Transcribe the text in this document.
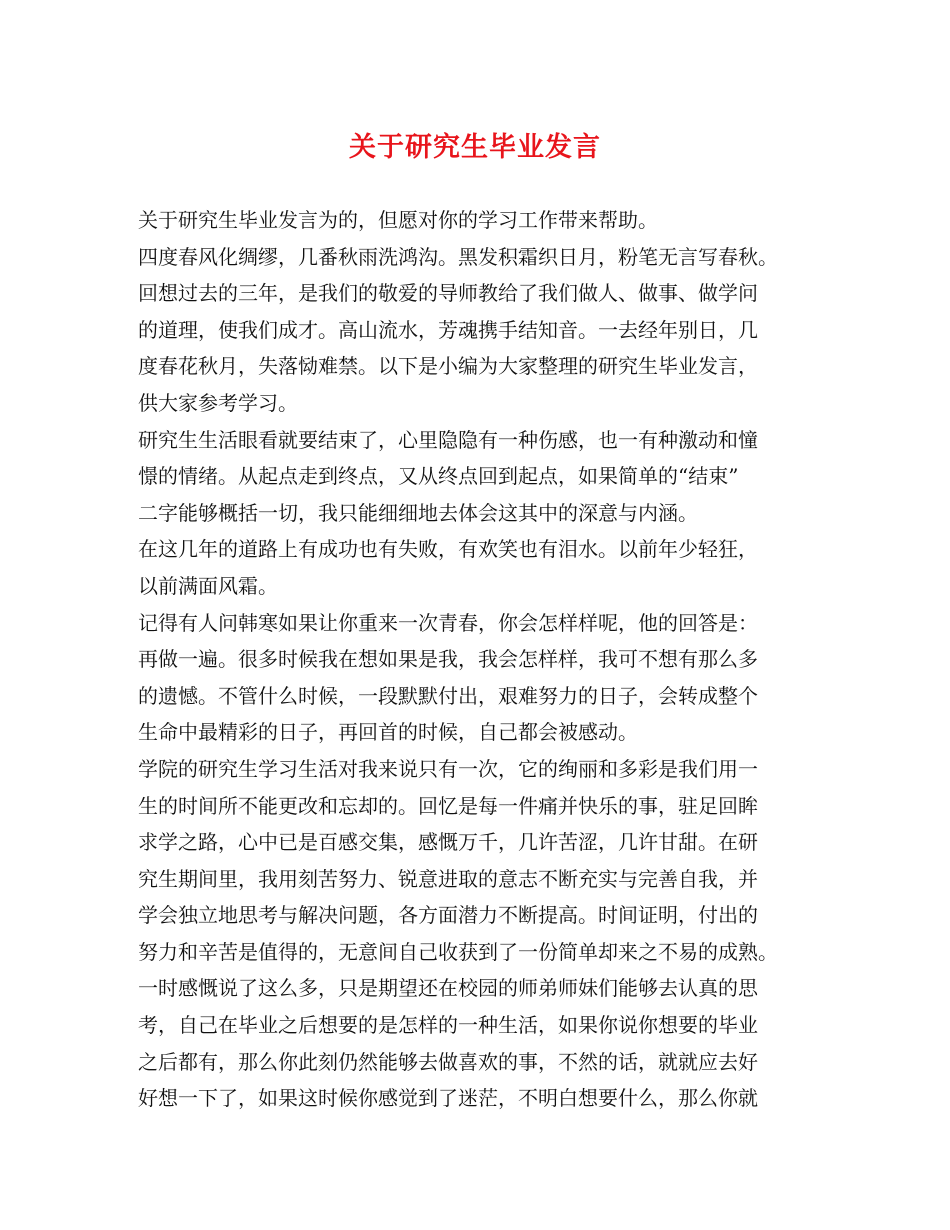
关于研究生毕业发言
关于研究生毕业发言为的，但愿对你的学习工作带来帮助。
四度春风化绸缪，几番秋雨洗鸿沟。黑发积霜织日月，粉笔无言写春秋。
回想过去的三年，是我们的敬爱的导师教给了我们做人、做事、做学问
的道理，使我们成才。高山流水，芳魂携手结知音。一去经年别日，几
度春花秋月，失落恸难禁。以下是小编为大家整理的研究生毕业发言，
供大家参考学习。
研究生生活眼看就要结束了，心里隐隐有一种伤感，也一有种激动和憧
憬的情绪。从起点走到终点，又从终点回到起点，如果简单的“结束”
二字能够概括一切，我只能细细地去体会这其中的深意与内涵。
在这几年的道路上有成功也有失败，有欢笑也有泪水。以前年少轻狂，
以前满面风霜。
记得有人问韩寒如果让你重来一次青春，你会怎样样呢，他的回答是：
再做一遍。很多时候我在想如果是我，我会怎样样，我可不想有那么多
的遗憾。不管什么时候，一段默默付出，艰难努力的日子，会转成整个
生命中最精彩的日子，再回首的时候，自己都会被感动。
学院的研究生学习生活对我来说只有一次，它的绚丽和多彩是我们用一
生的时间所不能更改和忘却的。回忆是每一件痛并快乐的事，驻足回眸
求学之路，心中已是百感交集，感慨万千，几许苦涩，几许甘甜。在研
究生期间里，我用刻苦努力、锐意进取的意志不断充实与完善自我，并
学会独立地思考与解决问题，各方面潜力不断提高。时间证明，付出的
努力和辛苦是值得的，无意间自己收获到了一份简单却来之不易的成熟。
一时感慨说了这么多，只是期望还在校园的师弟师妹们能够去认真的思
考，自己在毕业之后想要的是怎样的一种生活，如果你说你想要的毕业
之后都有，那么你此刻仍然能够去做喜欢的事，不然的话，就就应去好
好想一下了，如果这时候你感觉到了迷茫，不明白想要什么，那么你就
